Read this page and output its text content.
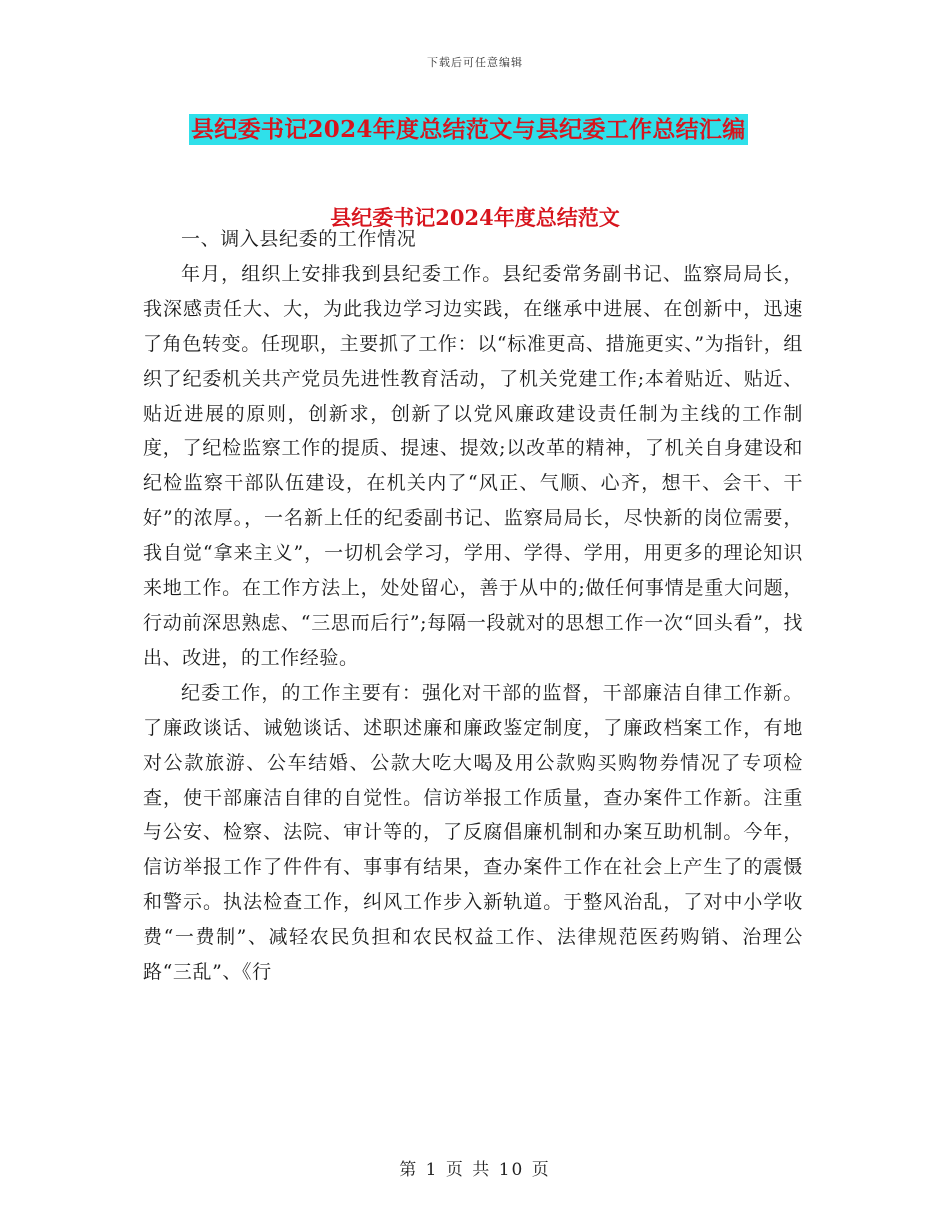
下载后可任意编辑
县纪委书记2024年度总结范文与县纪委工作总结汇编
县纪委书记2024年度总结范文

一、调入县纪委的工作情况

年月，组织上安排我到县纪委工作。县纪委常务副书记、监察局局长，我深感责任大、大，为此我边学习边实践，在继承中进展、在创新中，迅速了角色转变。任现职，主要抓了工作：以“标准更高、措施更实、”为指针，组织了纪委机关共产党员先进性教育活动，了机关党建工作;本着贴近、贴近、贴近进展的原则，创新求，创新了以党风廉政建设责任制为主线的工作制度，了纪检监察工作的提质、提速、提效;以改革的精神，了机关自身建设和纪检监察干部队伍建设，在机关内了“风正、气顺、心齐，想干、会干、干好”的浓厚。，一名新上任的纪委副书记、监察局局长，尽快新的岗位需要，我自觉“拿来主义”，一切机会学习，学用、学得、学用，用更多的理论知识来地工作。在工作方法上，处处留心，善于从中的;做任何事情是重大问题，行动前深思熟虑、“三思而后行”;每隔一段就对的思想工作一次“回头看”，找出、改进，的工作经验。

纪委工作，的工作主要有：强化对干部的监督，干部廉洁自律工作新。了廉政谈话、诫勉谈话、述职述廉和廉政鉴定制度，了廉政档案工作，有地对公款旅游、公车结婚、公款大吃大喝及用公款购买购物券情况了专项检查，使干部廉洁自律的自觉性。信访举报工作质量，查办案件工作新。注重与公安、检察、法院、审计等的，了反腐倡廉机制和办案互助机制。今年，信访举报工作了件件有、事事有结果，查办案件工作在社会上产生了的震慑和警示。执法检查工作，纠风工作步入新轨道。于整风治乱，了对中小学收费“一费制”、减轻农民负担和农民权益工作、法律规范医药购销、治理公路“三乱”、《行

第 1 页 共 10 页
